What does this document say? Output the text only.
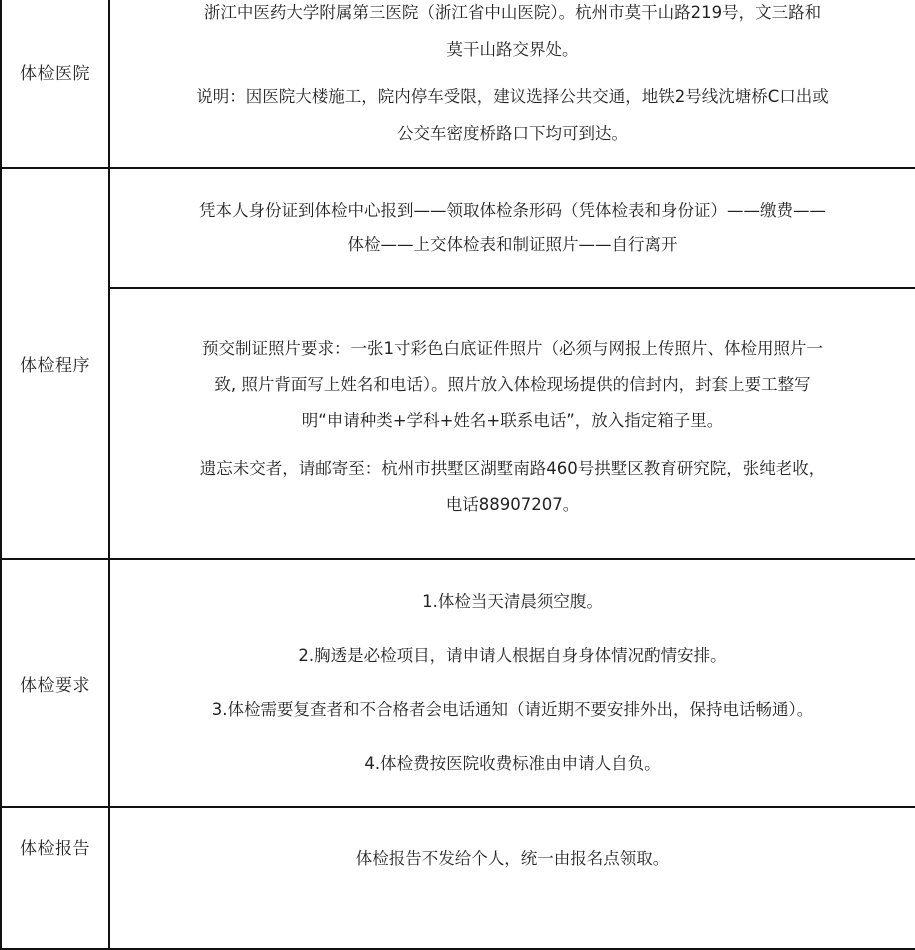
体检医院	浙江中医药大学附属第三医院（浙江省中山医院）。杭州市莫干山路219号，文三路和

莫干山路交界处。

说明：因医院大楼施工，院内停车受限，建议选择公共交通，地铁2号线沈塘桥C口出或

公交车密度桥路口下均可到达。

体检程序	凭本人身份证到体检中心报到——领取体检条形码（凭体检表和身份证）——缴费——

体检——上交体检表和制证照片——自行离开

	预交制证照片要求：一张1寸彩色白底证件照片（必须与网报上传照片、体检用照片一

致, 照片背面写上姓名和电话）。照片放入体检现场提供的信封内，封套上要工整写

明“申请种类+学科+姓名+联系电话”，放入指定箱子里。

遗忘未交者，请邮寄至：杭州市拱墅区湖墅南路460号拱墅区教育研究院，张纯老收，

电话88907207。

体检要求	1.体检当天清晨须空腹。

2.胸透是必检项目，请申请人根据自身身体情况酌情安排。

3.体检需要复查者和不合格者会电话通知（请近期不要安排外出，保持电话畅通）。

4.体检费按医院收费标准由申请人自负。

体检报告	体检报告不发给个人，统一由报名点领取。
